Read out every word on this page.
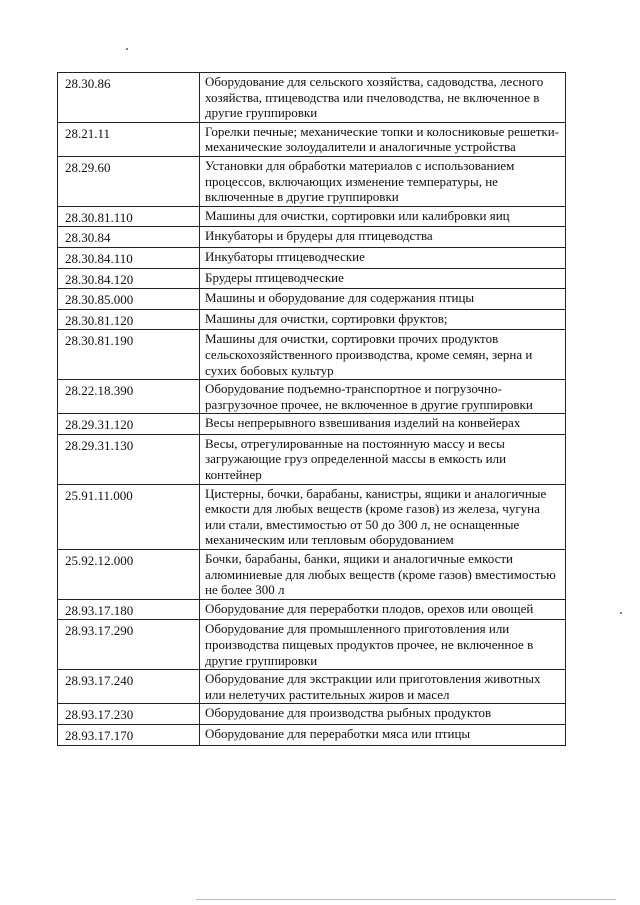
28.30.86	Оборудование для сельского хозяйства, садоводства, лесного хозяйства, птицеводства или пчеловодства, не включенное в другие группировки
28.21.11	Горелки печные; механические топки и колосниковые решетки-механические золоудалители и аналогичные устройства
28.29.60	Установки для обработки материалов с использованием
процессов, включающих изменение температуры, не включенные в другие группировки
28.30.81.110	Машины для очистки, сортировки или калибровки яиц
28.30.84	Инкубаторы и брудеры для птицеводства
28.30.84.110	Инкубаторы птицеводческие
28.30.84.120	Брудеры птицеводческие
28.30.85.000	Машины и оборудование для содержания птицы
28.30.81.120	Машины для очистки, сортировки фруктов;
28.30.81.190	Машины для очистки, сортировки прочих продуктов сельскохозяйственного производства, кроме семян, зерна и сухих бобовых культур
28.22.18.390	Оборудование подъемно-транспортное и погрузочно-разгрузочное прочее, не включенное в другие группировки
28.29.31.120	Весы непрерывного взвешивания изделий на конвейерах
28.29.31.130	Весы, отрегулированные на постоянную массу и весы загружающие груз определенной массы в емкость или контейнер
25.91.11.000	Цистерны, бочки, барабаны, канистры, ящики и аналогичные емкости для любых веществ (кроме газов) из железа, чугуна или стали, вместимостью от 50 до 300 л, не оснащенные механическим или тепловым оборудованием
25.92.12.000	Бочки, барабаны, банки, ящики и аналогичные емкости алюминиевые для любых веществ (кроме газов) вместимостью не более 300 л
28.93.17.180	Оборудование для переработки плодов, орехов или овощей
28.93.17.290	Оборудование для промышленного приготовления или производства пищевых продуктов прочее, не включенное в другие группировки
28.93.17.240	Оборудование для экстракции или приготовления животных или нелетучих растительных жиров и масел
28.93.17.230	Оборудование для производства рыбных продуктов
28.93.17.170	Оборудование для переработки мяса или птицы
